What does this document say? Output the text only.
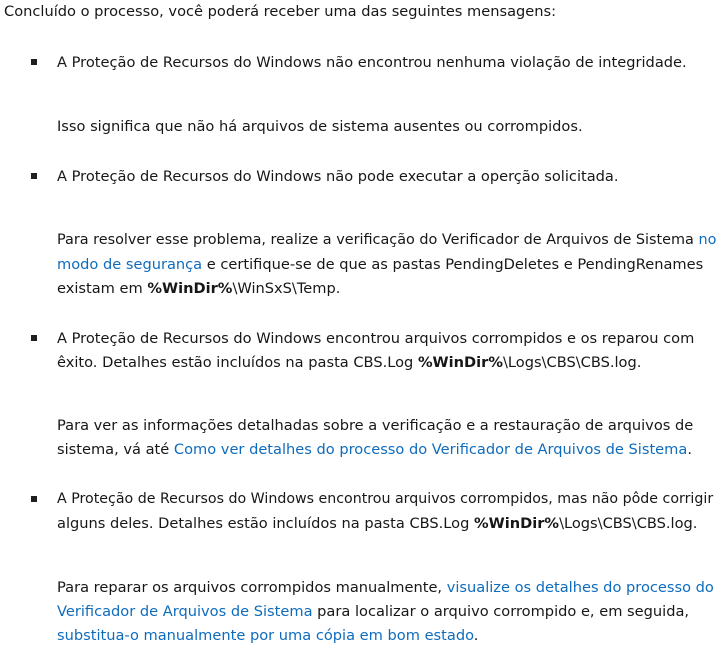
Concluído o processo, você poderá receber uma das seguintes mensagens:
A Proteção de Recursos do Windows não encontrou nenhuma violação de integridade.
Isso significa que não há arquivos de sistema ausentes ou corrompidos.
A Proteção de Recursos do Windows não pode executar a operção solicitada.
Para resolver esse problema, realize a verificação do Verificador de Arquivos de Sistema no
modo de segurança e certifique-se de que as pastas PendingDeletes e PendingRenames
existam em %WinDir%\WinSxS\Temp.
A Proteção de Recursos do Windows encontrou arquivos corrompidos e os reparou com
êxito. Detalhes estão incluídos na pasta CBS.Log %WinDir%\Logs\CBS\CBS.log.
Para ver as informações detalhadas sobre a verificação e a restauração de arquivos de
sistema, vá até Como ver detalhes do processo do Verificador de Arquivos de Sistema.
A Proteção de Recursos do Windows encontrou arquivos corrompidos, mas não pôde corrigir
alguns deles. Detalhes estão incluídos na pasta CBS.Log %WinDir%\Logs\CBS\CBS.log.
Para reparar os arquivos corrompidos manualmente, visualize os detalhes do processo do
Verificador de Arquivos de Sistema para localizar o arquivo corrompido e, em seguida,
substitua-o manualmente por uma cópia em bom estado.
